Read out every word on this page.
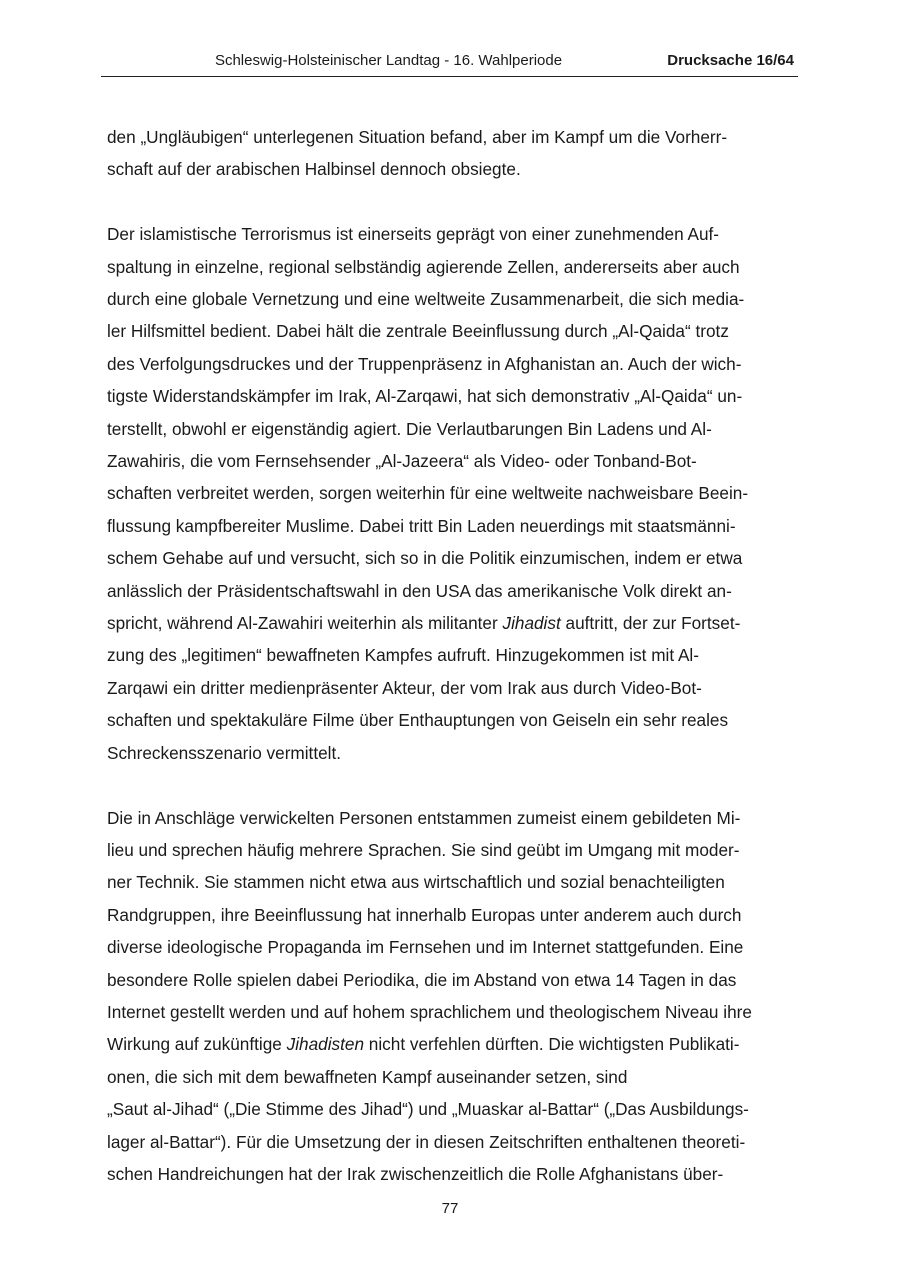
Schleswig-Holsteinischer Landtag - 16. Wahlperiode	Drucksache 16/64
den „Ungläubigen“ unterlegenen Situation befand, aber im Kampf um die Vorherr-
schaft auf der arabischen Halbinsel dennoch obsiegte.
Der islamistische Terrorismus ist einerseits geprägt von einer zunehmenden Auf-
spaltung in einzelne, regional selbständig agierende Zellen, andererseits aber auch
durch eine globale Vernetzung und eine weltweite Zusammenarbeit, die sich media-
ler Hilfsmittel bedient. Dabei hält die zentrale Beeinflussung durch „Al-Qaida“ trotz
des Verfolgungsdruckes und der Truppenpräsenz in Afghanistan an. Auch der wich-
tigste Widerstandskämpfer im Irak, Al-Zarqawi, hat sich demonstrativ „Al-Qaida“ un-
terstellt, obwohl er eigenständig agiert. Die Verlautbarungen Bin Ladens und Al-
Zawahiris, die vom Fernsehsender „Al-Jazeera“ als Video- oder Tonband-Bot-
schaften verbreitet werden, sorgen weiterhin für eine weltweite nachweisbare Beein-
flussung kampfbereiter Muslime. Dabei tritt Bin Laden neuerdings mit staatsmänni-
schem Gehabe auf und versucht, sich so in die Politik einzumischen, indem er etwa
anlässlich der Präsidentschaftswahl in den USA das amerikanische Volk direkt an-
spricht, während Al-Zawahiri weiterhin als militanter Jihadist auftritt, der zur Fortset-
zung des „legitimen“ bewaffneten Kampfes aufruft. Hinzugekommen ist mit Al-
Zarqawi ein dritter medienpräsenter Akteur, der vom Irak aus durch Video-Bot-
schaften und spektakuläre Filme über Enthauptungen von Geiseln ein sehr reales
Schreckensszenario vermittelt.
Die in Anschläge verwickelten Personen entstammen zumeist einem gebildeten Mi-
lieu und sprechen häufig mehrere Sprachen. Sie sind geübt im Umgang mit moder-
ner Technik. Sie stammen nicht etwa aus wirtschaftlich und sozial benachteiligten
Randgruppen, ihre Beeinflussung hat innerhalb Europas unter anderem auch durch
diverse ideologische Propaganda im Fernsehen und im Internet stattgefunden. Eine
besondere Rolle spielen dabei Periodika, die im Abstand von etwa 14 Tagen in das
Internet gestellt werden und auf hohem sprachlichem und theologischem Niveau ihre
Wirkung auf zukünftige Jihadisten nicht verfehlen dürften. Die wichtigsten Publikati-
onen, die sich mit dem bewaffneten Kampf auseinander setzen, sind
„Saut al-Jihad“ („Die Stimme des Jihad“) und „Muaskar al-Battar“ („Das Ausbildungs-
lager al-Battar“). Für die Umsetzung der in diesen Zeitschriften enthaltenen theoreti-
schen Handreichungen hat der Irak zwischenzeitlich die Rolle Afghanistans über-
77
